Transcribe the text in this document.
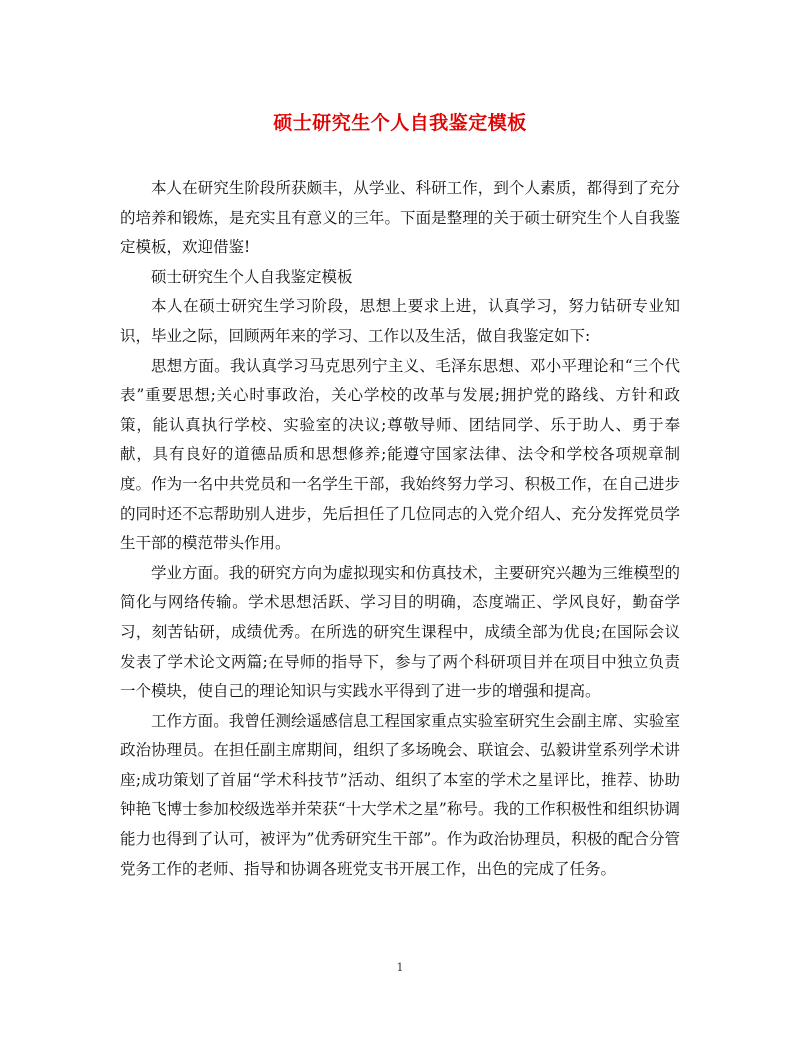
硕士研究生个人自我鉴定模板

本人在研究生阶段所获颇丰，从学业、科研工作，到个人素质，都得到了充分的培养和锻炼，是充实且有意义的三年。下面是整理的关于硕士研究生个人自我鉴定模板，欢迎借鉴!

硕士研究生个人自我鉴定模板

本人在硕士研究生学习阶段，思想上要求上进，认真学习，努力钻研专业知识，毕业之际，回顾两年来的学习、工作以及生活，做自我鉴定如下:

思想方面。我认真学习马克思列宁主义、毛泽东思想、邓小平理论和“三个代表”重要思想;关心时事政治，关心学校的改革与发展;拥护党的路线、方针和政策，能认真执行学校、实验室的决议;尊敬导师、团结同学、乐于助人、勇于奉献，具有良好的道德品质和思想修养;能遵守国家法律、法令和学校各项规章制度。作为一名中共党员和一名学生干部，我始终努力学习、积极工作，在自己进步的同时还不忘帮助别人进步，先后担任了几位同志的入党介绍人、充分发挥党员学生干部的模范带头作用。

学业方面。我的研究方向为虚拟现实和仿真技术，主要研究兴趣为三维模型的简化与网络传输。学术思想活跃、学习目的明确，态度端正、学风良好，勤奋学习，刻苦钻研，成绩优秀。在所选的研究生课程中，成绩全部为优良;在国际会议发表了学术论文两篇;在导师的指导下，参与了两个科研项目并在项目中独立负责一个模块，使自己的理论知识与实践水平得到了进一步的增强和提高。

工作方面。我曾任测绘遥感信息工程国家重点实验室研究生会副主席、实验室政治协理员。在担任副主席期间，组织了多场晚会、联谊会、弘毅讲堂系列学术讲座;成功策划了首届“学术科技节”活动、组织了本室的学术之星评比，推荐、协助钟艳飞博士参加校级选举并荣获“十大学术之星”称号。我的工作积极性和组织协调能力也得到了认可，被评为”优秀研究生干部”。作为政治协理员，积极的配合分管党务工作的老师、指导和协调各班党支书开展工作，出色的完成了任务。

1
